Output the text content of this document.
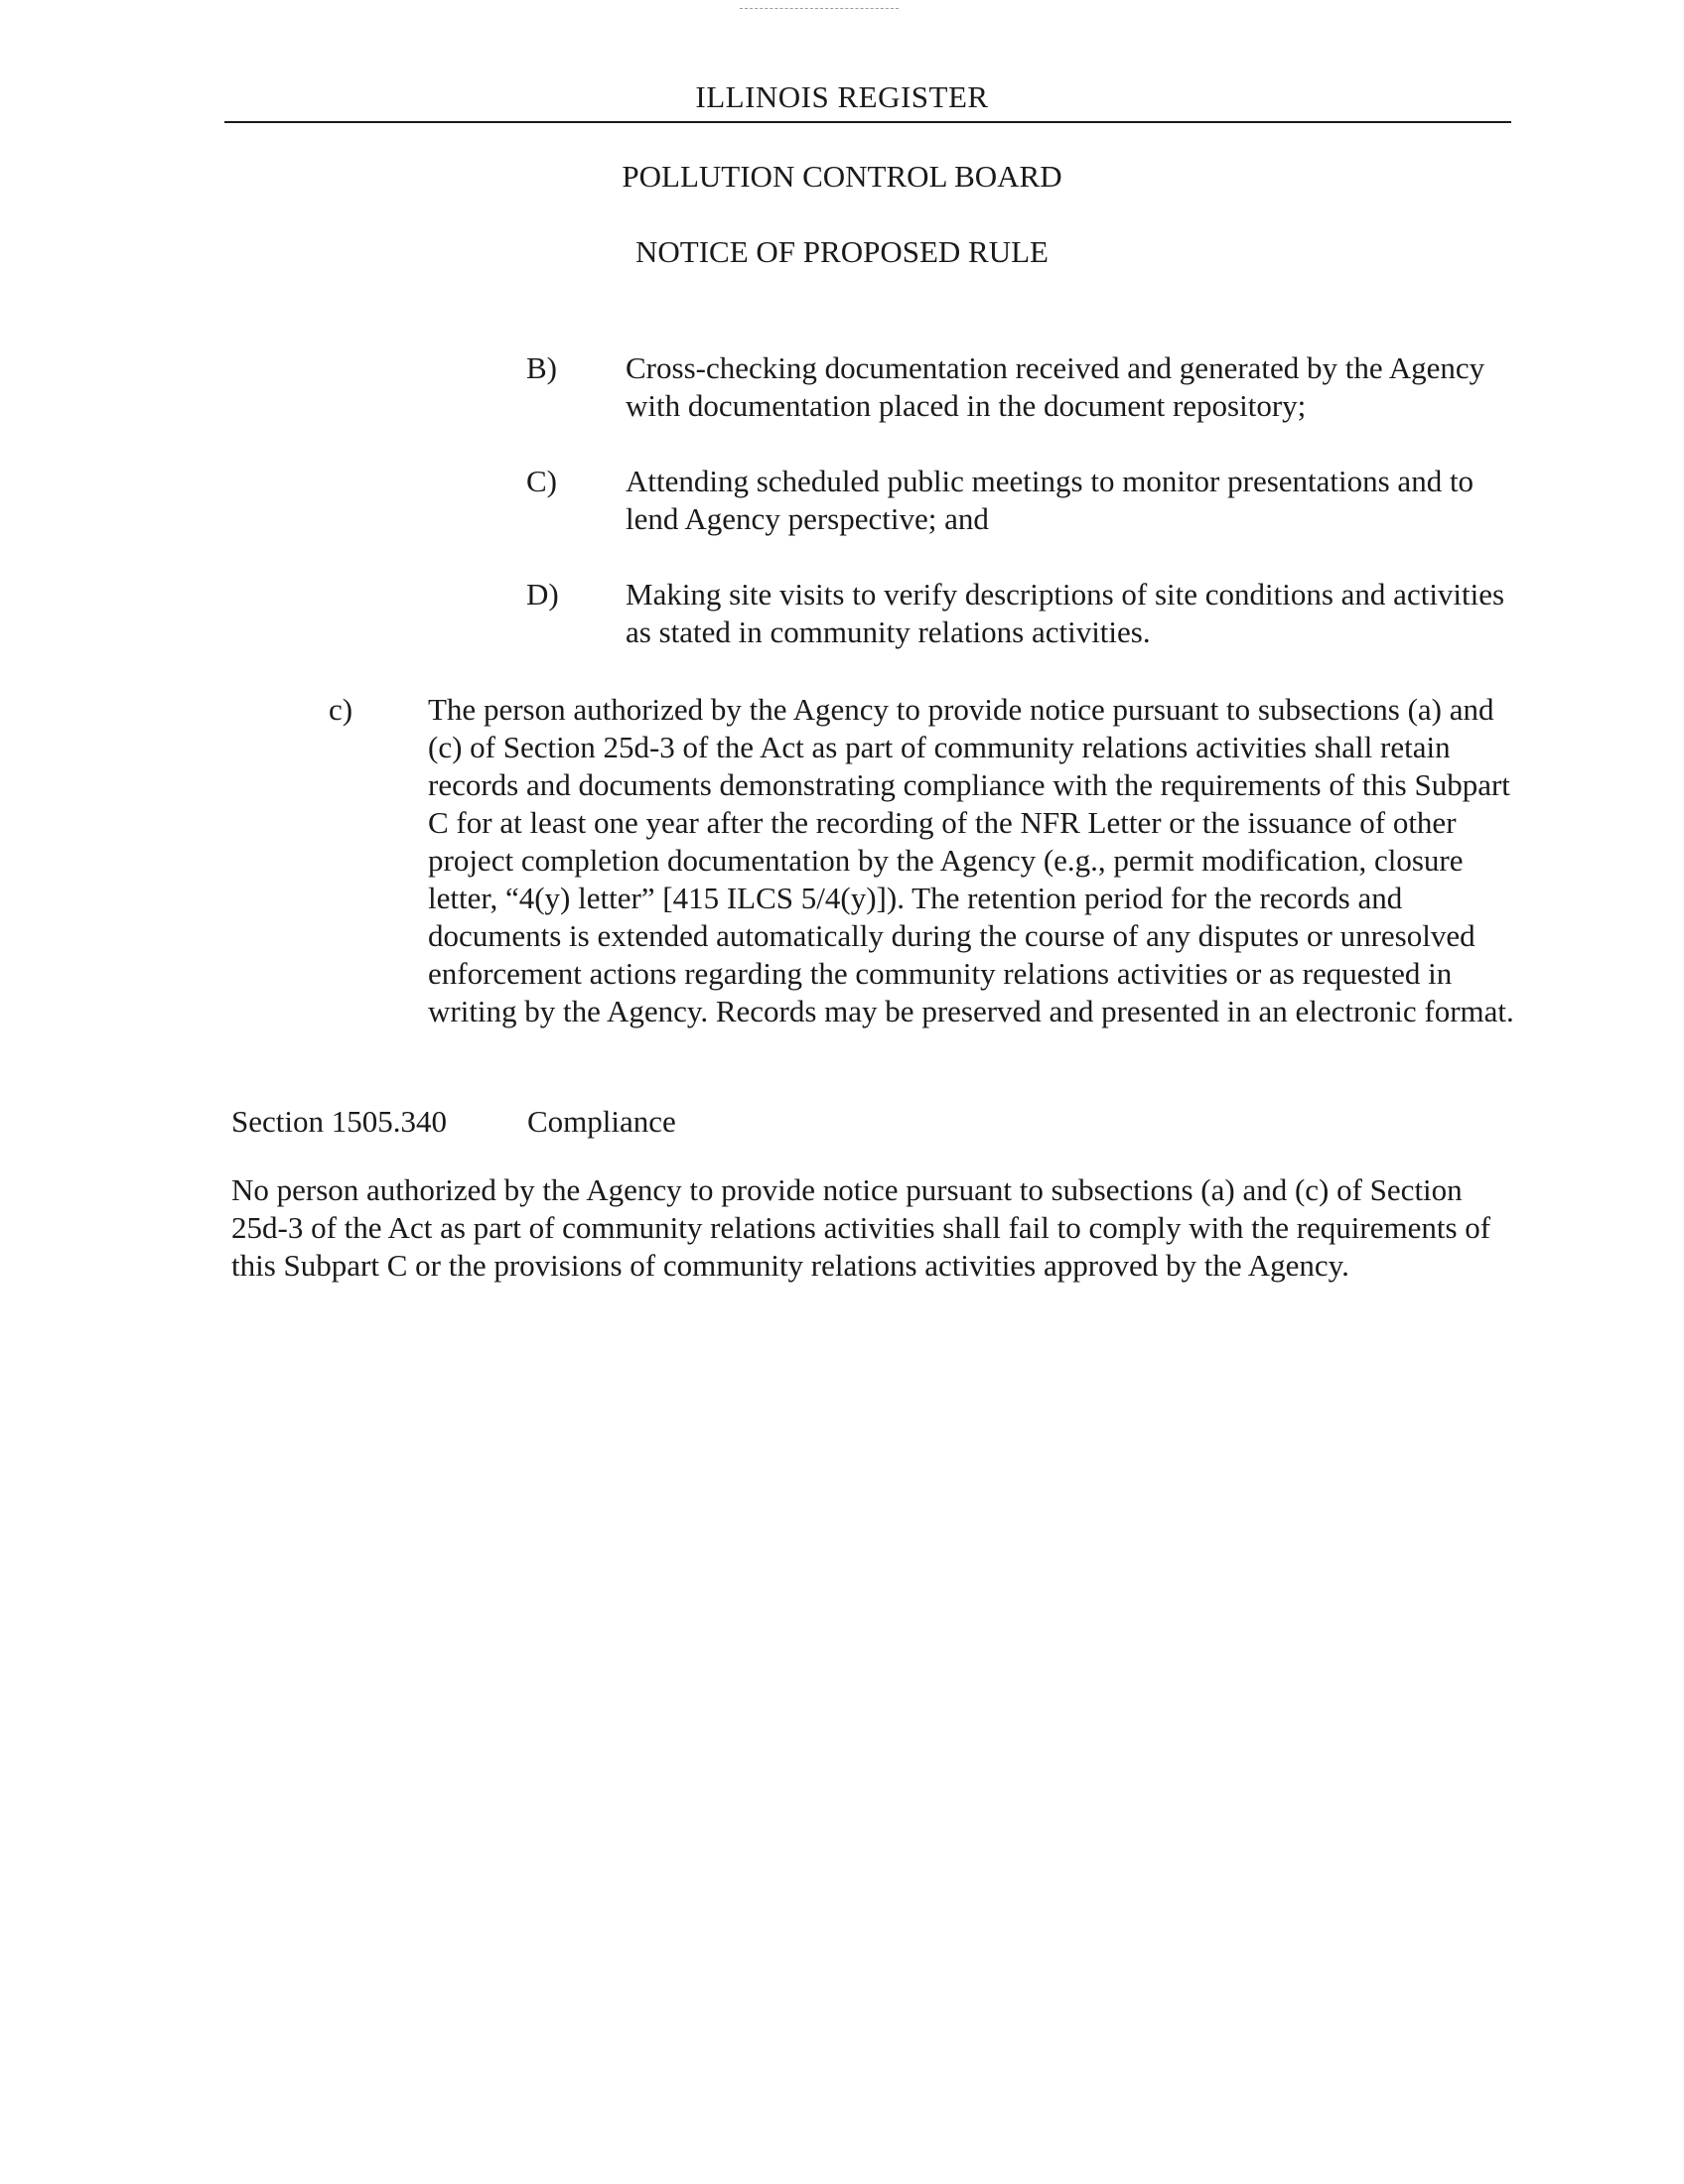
ILLINOIS REGISTER
POLLUTION CONTROL BOARD
NOTICE OF PROPOSED RULE
B) Cross-checking documentation received and generated by the Agency with documentation placed in the document repository;
C) Attending scheduled public meetings to monitor presentations and to lend Agency perspective; and
D) Making site visits to verify descriptions of site conditions and activities as stated in community relations activities.
c) The person authorized by the Agency to provide notice pursuant to subsections (a) and (c) of Section 25d-3 of the Act as part of community relations activities shall retain records and documents demonstrating compliance with the requirements of this Subpart C for at least one year after the recording of the NFR Letter or the issuance of other project completion documentation by the Agency (e.g., permit modification, closure letter, “4(y) letter” [415 ILCS 5/4(y)]). The retention period for the records and documents is extended automatically during the course of any disputes or unresolved enforcement actions regarding the community relations activities or as requested in writing by the Agency. Records may be preserved and presented in an electronic format.
Section 1505.340	Compliance
No person authorized by the Agency to provide notice pursuant to subsections (a) and (c) of Section 25d-3 of the Act as part of community relations activities shall fail to comply with the requirements of this Subpart C or the provisions of community relations activities approved by the Agency.
